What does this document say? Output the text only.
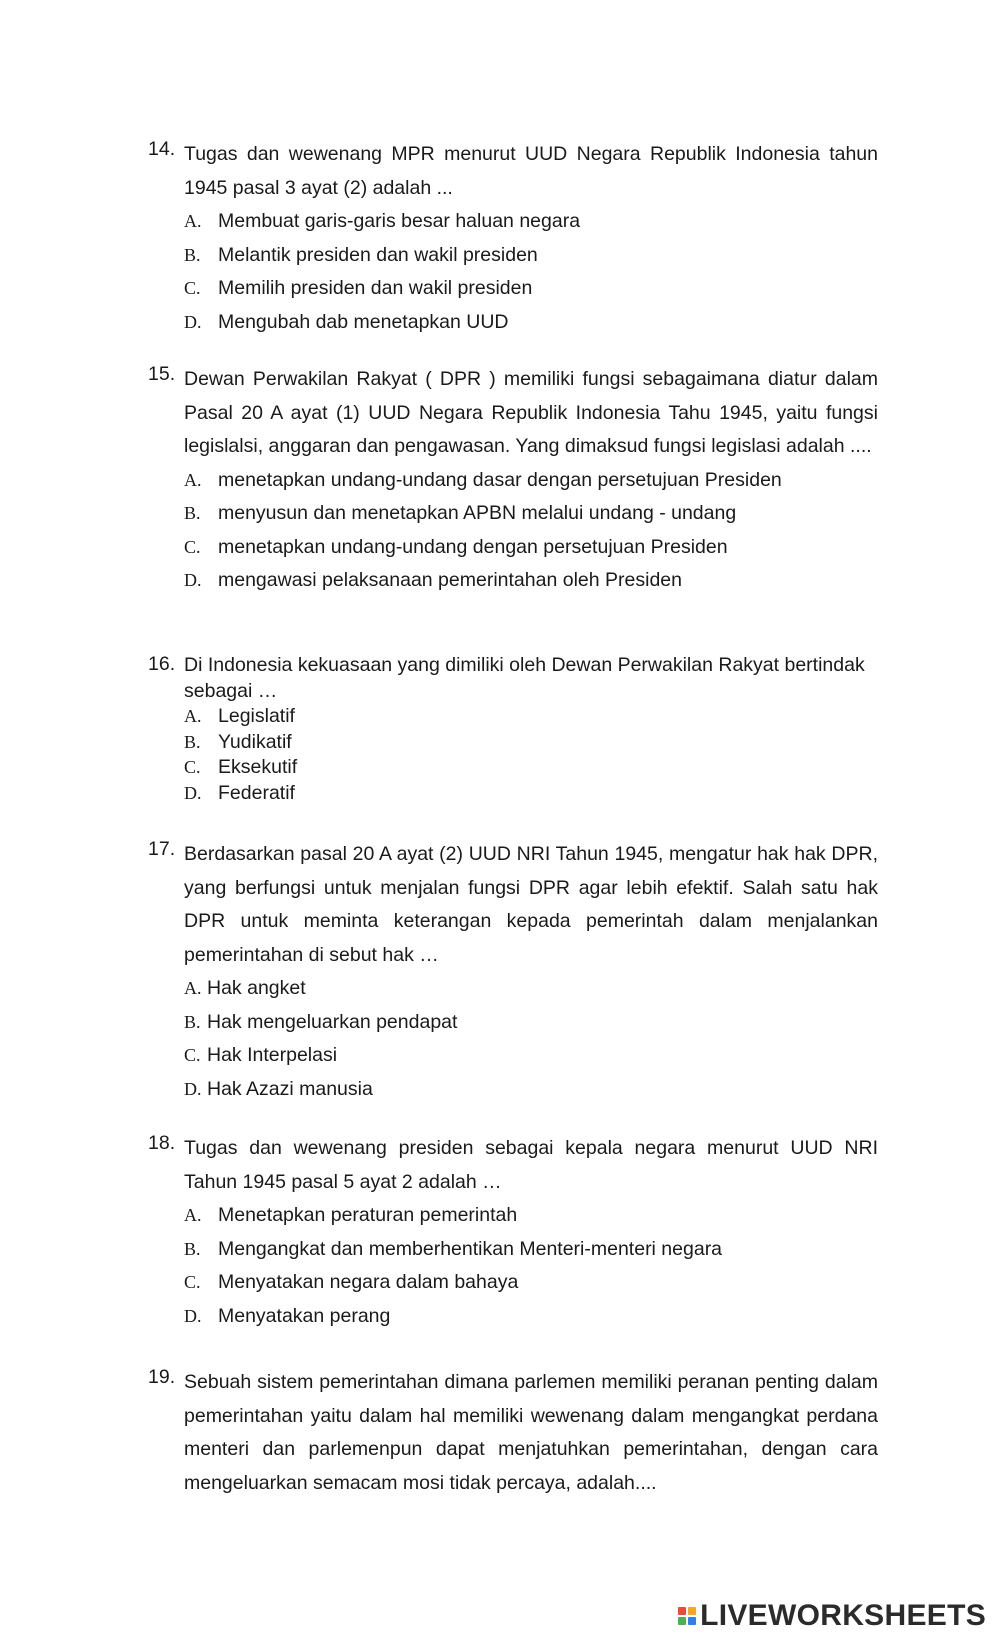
14. Tugas dan wewenang MPR menurut UUD Negara Republik Indonesia tahun 1945 pasal 3 ayat (2) adalah ...
A. Membuat garis-garis besar haluan negara
B. Melantik presiden dan wakil presiden
C. Memilih presiden dan wakil presiden
D. Mengubah dab menetapkan UUD
15. Dewan Perwakilan Rakyat ( DPR ) memiliki fungsi sebagaimana diatur dalam Pasal 20 A ayat (1) UUD Negara Republik Indonesia Tahu 1945, yaitu fungsi legislalsi, anggaran dan pengawasan. Yang dimaksud fungsi legislasi adalah ....
A. menetapkan undang-undang dasar dengan persetujuan Presiden
B. menyusun dan menetapkan APBN melalui undang - undang
C. menetapkan undang-undang dengan persetujuan Presiden
D. mengawasi pelaksanaan pemerintahan oleh Presiden
16. Di Indonesia kekuasaan yang dimiliki oleh Dewan Perwakilan Rakyat bertindak sebagai …
A. Legislatif
B. Yudikatif
C. Eksekutif
D. Federatif
17. Berdasarkan pasal 20 A ayat (2) UUD NRI Tahun 1945, mengatur hak hak DPR, yang berfungsi untuk menjalan fungsi DPR agar lebih efektif. Salah satu hak DPR untuk meminta keterangan kepada pemerintah dalam menjalankan pemerintahan di sebut hak …
A. Hak angket
B. Hak mengeluarkan pendapat
C. Hak Interpelasi
D. Hak Azazi manusia
18. Tugas dan wewenang presiden sebagai kepala negara menurut UUD NRI Tahun 1945 pasal 5 ayat 2 adalah …
A. Menetapkan peraturan pemerintah
B. Mengangkat dan memberhentikan Menteri-menteri negara
C. Menyatakan negara dalam bahaya
D. Menyatakan perang
19. Sebuah sistem pemerintahan dimana parlemen memiliki peranan penting dalam pemerintahan yaitu dalam hal memiliki wewenang dalam mengangkat perdana menteri dan parlemenpun dapat menjatuhkan pemerintahan, dengan cara mengeluarkan semacam mosi tidak percaya, adalah....
LIVEWORKSHEETS
